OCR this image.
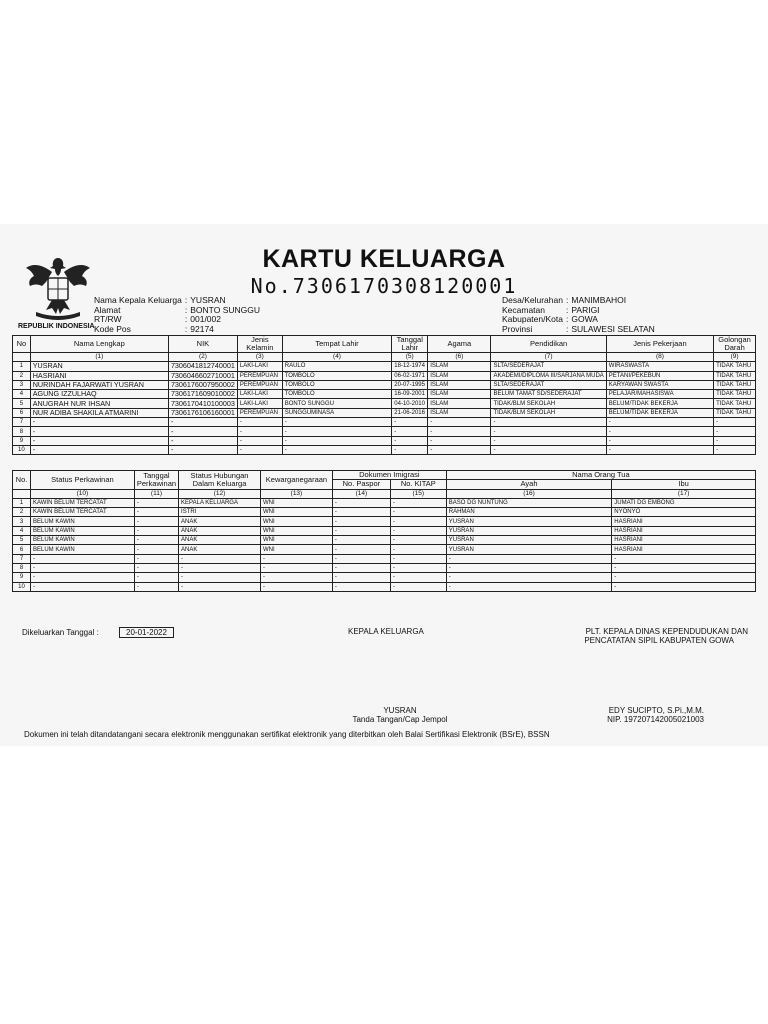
REPUBLIK INDONESIA
KARTU KELUARGA
No.7306170308120001
Nama Kepala Keluarga	:	YUSRAN
Alamat	:	BONTO SUNGGU
RT/RW	:	001/002
Kode Pos	:	92174
Desa/Kelurahan	:	MANIMBAHOI
Kecamatan	:	PARIGI
Kabupaten/Kota	:	GOWA
Provinsi	:	SULAWESI SELATAN
No	Nama Lengkap	NIK	Jenis Kelamin	Tempat Lahir	Tanggal Lahir	Agama	Pendidikan	Jenis Pekerjaan	Golongan Darah
	(1)	(2)	(3)	(4)	(5)	(6)	(7)	(8)	(9)
1	YUSRAN	7306041812740001	LAKI-LAKI	RAULO	18-12-1974	ISLAM	SLTA/SEDERAJAT	WIRASWASTA	TIDAK TAHU
2	HASRIANI	7306046602710001	PEREMPUAN	TOMBOLO	06-02-1971	ISLAM	AKADEMI/DIPLOMA III/SARJANA MUDA	PETANI/PEKEBUN	TIDAK TAHU
3	NURINDAH FAJARWATI YUSRAN	7306176007950002	PEREMPUAN	TOMBOLO	20-07-1995	ISLAM	SLTA/SEDERAJAT	KARYAWAN SWASTA	TIDAK TAHU
4	AGUNG IZZULHAQ	7306171609010002	LAKI-LAKI	TOMBOLO	16-09-2001	ISLAM	BELUM TAMAT SD/SEDERAJAT	PELAJAR/MAHASISWA	TIDAK TAHU
5	ANUGRAH NUR IHSAN	7306170410100003	LAKI-LAKI	BONTO SUNGGU	04-10-2010	ISLAM	TIDAK/BLM SEKOLAH	BELUM/TIDAK BEKERJA	TIDAK TAHU
6	NUR ADIBA SHAKILA ATMARINI	7306176106160001	PEREMPUAN	SUNGGUMINASA	21-06-2016	ISLAM	TIDAK/BLM SEKOLAH	BELUM/TIDAK BEKERJA	TIDAK TAHU
7	-	-	-	-	-	-	-	-	-
8	-	-	-	-	-	-	-	-	-
9	-	-	-	-	-	-	-	-	-
10	-	-	-	-	-	-	-	-	-
No.	Status Perkawinan	Tanggal Perkawinan	Status Hubungan Dalam Keluarga	Kewarganegaraan	Dokumen Imigrasi		Nama Orang Tua	
					No. Paspor	No. KITAP	Ayah	Ibu
	(10)	(11)	(12)	(13)	(14)	(15)	(16)	(17)
1	KAWIN BELUM TERCATAT	-	KEPALA KELUARGA	WNI	-	-	BASO DG NUNTUNG	JUMATI DG EMBONG
2	KAWIN BELUM TERCATAT	-	ISTRI	WNI	-	-	RAHMAN	NYONYO
3	BELUM KAWIN	-	ANAK	WNI	-	-	YUSRAN	HASRIANI
4	BELUM KAWIN	-	ANAK	WNI	-	-	YUSRAN	HASRIANI
5	BELUM KAWIN	-	ANAK	WNI	-	-	YUSRAN	HASRIANI
6	BELUM KAWIN	-	ANAK	WNI	-	-	YUSRAN	HASRIANI
7	-	-	-	-	-	-	-	-
8	-	-	-	-	-	-	-	-
9	-	-	-	-	-	-	-	-
10	-	-	-	-	-	-	-	-
Dikeluarkan Tanggal :	20-01-2022	KEPALA KELUARGA	PLT. KEPALA DINAS KEPENDUDUKAN DAN
PENCATATAN SIPIL KABUPATEN GOWA
YUSRAN
Tanda Tangan/Cap Jempol
EDY SUCIPTO, S.Pi.,M.M.
NIP. 197207142005021003
Dokumen ini telah ditandatangani secara elektronik menggunakan sertifikat elektronik yang diterbitkan oleh Balai Sertifikasi Elektronik (BSrE), BSSN
